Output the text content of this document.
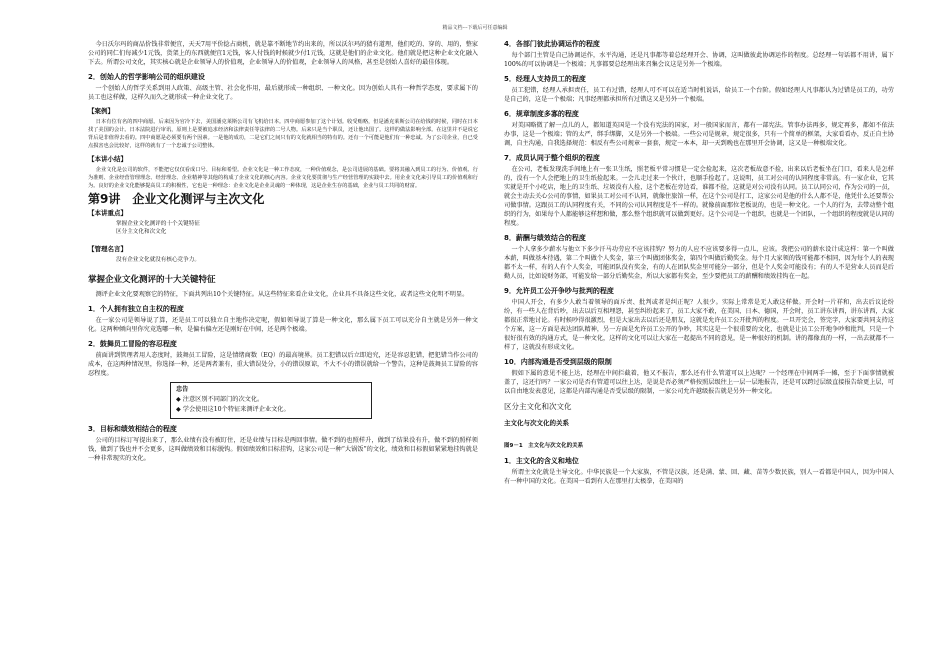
精品文档---下载后可任意编辑

今日沃尔玛的商品价钱非常便宜，天天7用平价捻占商机，就是靠不断地节约出来的，所以沃尔玛的猜有道理，他们吃的、穿的、用的，整家公司的同仁们每减少1元钱，货架上的东西就便宜1元钱，客人付钱的时候就少付1元钱，这就是他们的企业文化。他们就是把这种企业文化融入下去。所谓公司文化，其实核心就是企业领导人的价值观，企业领导人的价值观，企业领导人的风格，甚至是创始人喜好的最佳体现。

2．创始人的哲学影响公司的组织建设

一个创始人的哲学关系到用人政策、高级主管、社会化作用，最后就形成一种组织、一种文化。因为创始人具有一种哲学态度，要求属下的员工也这样做，这样久而久之就形成一种企业文化了。

【案例】

日本有位有名的四中商愿。后来因为官冷下去，美国潘克莱斯公司有飞机给日本。四中商愿参加了这个计划。收受贿赂，但是潘克莱斯公司在给钱的时候，同时在日本找了美国的会计。日本法院进行审讯，原则上是要被追求经济和法律责任等法律的二号人物。后来只是当个职员，还让他出国了。这样的做法影响全部。在这里并不是说它背后是非值得去看的。四中商愿是必须要有两个因素。一是他的成功，二是它们之间只有的文化就相当的特有的。还有一个可能是他们有一种忠诚。为了公司企业，自已受点损害也会比较好，这样的就有了一个忠诚于公司整体。

【本讲小结】

企业文化是公司的软件，不能把它仅仅看成口号、目标和希望。企业文化是一种工作态度，一种价值观念，是公司进展的基础。要将其融入到员工的行为、价值观、行为准则、企业经营管理理念、经营理念、企业精神等其他的构成了企业文化的核心内容。企业文化要贯彻与生产经营管理的实践中去。用企业文化来引导员工的价值观和行为。良好的企业文化能够提高员工的积极性，它也是一种理念：企业文化是企业灵魂的一种体现，这是企业生存的基础，企业与员工共同的财富。

第9讲　企业文化测评与主次文化
【本讲重点】
掌握企业文化测评的十个关键特征
区分主文化和次文化
【管理名言】
没有企业文化就没有核心竞争力。
掌握企业文化测评的十大关键特征

测评企业文化要观察它的特征，下面共列出10个关键特征。从这些特征来看企业文化，企业具不具备这些文化，或者这些文化明不明显。

1．个人拥有独立自主权的程度

在一家公司是领导说了算，还是员工可以独立自主地作决定呢，假如领导说了算是一种文化，那么属下员工可以充分自主就是另外一种文化。这两种倾向里你究竟选哪一种，是偏右偏左还是刚好在中间，还是两个极端。

2．鼓舞员工冒险的容忍程度

前面讲到管理者用人态度时，鼓舞员工冒险，这是情绪商数（EQ）的最高境界。员工犯错以后立即追究，还是容忍犯错，把犯错当作公司的成本，在这两种情况里，你选择一种，还是两者兼有，重大错误处分，小的错误原谅，不大不小的错误就给一个警告，这种是鼓舞员工冒险的容忍程度。

忠告
◆ 注意区别不同部门的次文化。
◆ 学会使用这10个特征来测评企业文化。
3．目标和绩效相结合的程度

公司的目标订写提出来了，那么业绩有没有被盯住，还是业绩与目标是两回事情。做不到的也照样升，做到了结果没有升，做不到的照样领钱，做到了钱也并不会更多，这叫做绩效和目标脱钩。假如绩效和目标挂钩，这家公司是一种“大锅饭”的文化，绩效和目标假如紧紧地挂钩就是一种非常现实的文化。

4．各部门彼此协调运作的程度

每个部门主管是自己协调运作，水平沟通，还是凡事都等着总经理开会、协调，这叫做彼此协调运作的程度。总经理一句话都不用讲，属下100%的可以协调是一个极端；凡事都要总经理出来召集会议这是另外一个极端。

5．经理人支持员工的程度

员工犯错，经理人承担责任，员工有过错，经理人可不可以在适当时机说话，给员工一个台阶。假如经理人凡事都认为过错是员工的，功劳是自己的，这是一个极端；凡事经理都承担所有过错这又是另外一个极端。

6．规章制度多寡的程度

对美国略微了解一点儿的人，都知道英国是一个没有宪法的国家，对一般国家而言，都有一部宪法。管事办法再多，规定再多，都如不依法办事，这是一个极端；管的太严，绑手绑脚，又是另外一个极端。一些公司是规章，规定很多，只有一个简单的框架，大家看看办，反正自主协调，自主沟通，自我选择规范：相反有些公司规章一套套，规定一本本，却一天到晚也在那里开会协调，这又是一种极端文化。

7．成员认同于整个组织的程度

在公司，老板发现洗手间地上有一张卫生纸，照老板平常习惯是一定会捡起来，这次老板故意不捡，出来以后老板坐在门口，看来人是怎样的，没有一个人会把地上的卫生纸捡起来。一会儿走过来一个伙计，也顺手捡起了。这说明，员工对公司的认同程度非常高。有一家企业，它其实就是开个小吃店，地上的卫生纸、垃圾没有人捡，这个老板在旁边看，谁都不捡，这就是对公司没有认同。员工认同公司，作为公司的一员，就会主动去关心公司的事情，如果员工对公司不认同，就像住旅馆一样，在这个公司是打工，这家公司是他的什么人都不是，他凭什么还要帮公司做事情。这跟员工的认同程度有关，不同的公司认同程度是不一样的。就像前面那位老板说的，也是一种文化。一个人的行为，去带动整个组织的行为，如果每个人都能够这样想和做，那么整个组织就可以做到更好。这个公司是一个组织，也就是一个团队，一个组织的程度就是认同的程度。

8．薪酬与绩效结合的程度

一个人拿多少薪水与他立下多少汗马功劳应不应该挂钩？努力的人应不应该要多得一点儿，应该。我把公司的薪水设计成这样：第一个叫做本薪，叫做基本待遇，第二个叫做个人奖金，第三个叫做团体奖金，第四个叫做后勤奖金。每个月大家领的钱可能都不相同，因为每个人的表现都不太一样，有的人有个人奖金，可能团队没有奖金，有的人在团队奖金里可能分一部分，但是个人奖金可能没有；有的人不是营业人员而是后勤人员，比如说财务部，可能发给一部分后勤奖金，所以大家都有奖金，至少要把员工的薪酬和绩效挂钩在一起。

9．允许员工公开争吵与批判的程度

中国人开会，有多少人敢当着领导的面斥责、批判或者是纠正呢？人很少。实际上常常是无人敢这样做。开会时一片祥和，出去后议论纷纷，有一些人在背后吵，出去以后互相埋怨，甚至纠纷起来了，员工大家不敢，在美国、日本、德国，开会时，员工讲东讲西，讲东讲西，大家都很正常地讨论。有时候吵得很激烈，但是大家出去以后还是朋友，这就是允许员工公开批判的程度。一旦开完会，签完字，大家要共同支持这个方案，这一方面是表达团队精神，另一方面是允许员工公开的争吵，其实这是一个很重要的文化，也就是让员工公开地争吵和批判，只是一个很好很有效的沟通方式，是一种文化，这样的文化可以让大家在一起提出不同的意见，是一种很好的机制。讲的都像真的一样，一出去就都不一样了，这就没有形成文化。

10．内部沟通是否受到层级的限制

假如下属的意见不能上达，经理在中间拦截着，他又不报告，那么还有什么管道可以上达呢？一个经理在中间两手一摊，至于下面事情就被盖了，这还行吗？一家公司是否有管道可以往上达，是说是否必须严格按照层级往上一层一层地报告，还是可以跨过层级直接报告给更上层，可以自由地发表意见，这都是内部沟通是否受层级的限制，一家公司允许越级报告就是另外一种文化。

区分主文化和次文化
主文化与次文化的关系
图9－1　主文化与次文化的关系
1．主文化的含义和地位

所谓主文化就是主导文化。中华民族是一个大家族，不管是汉族，还是满、蒙、回、藏、苗等少数民族，别人一看都是中国人，因为中国人有一种中国的文化。在美国一看到有人在那里打太极拳，在美国的
